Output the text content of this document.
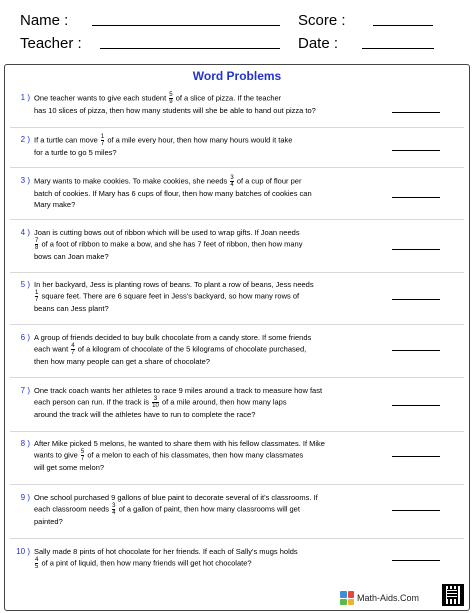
Name :	Score :
Teacher :	Date :
Word Problems
1 ) One teacher wants to give each student $\frac{5}{9}$ of a slice of pizza. If the teacher
has 10 slices of pizza, then how many students will she be able to hand out pizza to?
2 ) If a turtle can move $\frac{1}{7}$ of a mile every hour, then how many hours would it take
for a turtle to go 5 miles?
3 ) Mary wants to make cookies. To make cookies, she needs $\frac{3}{4}$ of a cup of flour per
batch of cookies. If Mary has 6 cups of flour, then how many batches of cookies can
Mary make?
4 ) Joan is cutting bows out of ribbon which will be used to wrap gifts. If Joan needs

$\frac{7}{8}$ of a foot of ribbon to make a bow, and she has 7 feet of ribbon, then how many
bows can Joan make?
5 ) In her backyard, Jess is planting rows of beans. To plant a row of beans, Jess needs

$\frac{1}{7}$ square feet. There are 6 square feet in Jess's backyard, so how many rows of
beans can Jess plant?
6 ) A group of friends decided to buy bulk chocolate from a candy store. If some friends
each want $\frac{4}{7}$ of a kilogram of chocolate of the 5 kilograms of chocolate purchased,
then how many people can get a share of chocolate?
7 ) One track coach wants her athletes to race 9 miles around a track to measure how fast
each person can run. If the track is $\frac{3}{10}$ of a mile around, then how many laps
around the track will the athletes have to run to complete the race?
8 ) After Mike picked 5 melons, he wanted to share them with his fellow classmates. If Mike
wants to give $\frac{5}{7}$ of a melon to each of his classmates, then how many classmates
will get some melon?
9 ) One school purchased 9 gallons of blue paint to decorate several of it's classrooms. If
each classroom needs $\frac{3}{4}$ of a gallon of paint, then how many classrooms will get
painted?
10 ) Sally made 8 pints of hot chocolate for her friends. If each of Sally's mugs holds

$\frac{4}{5}$ of a pint of liquid, then how many friends will get hot chocolate?
Math-Aids.Com
